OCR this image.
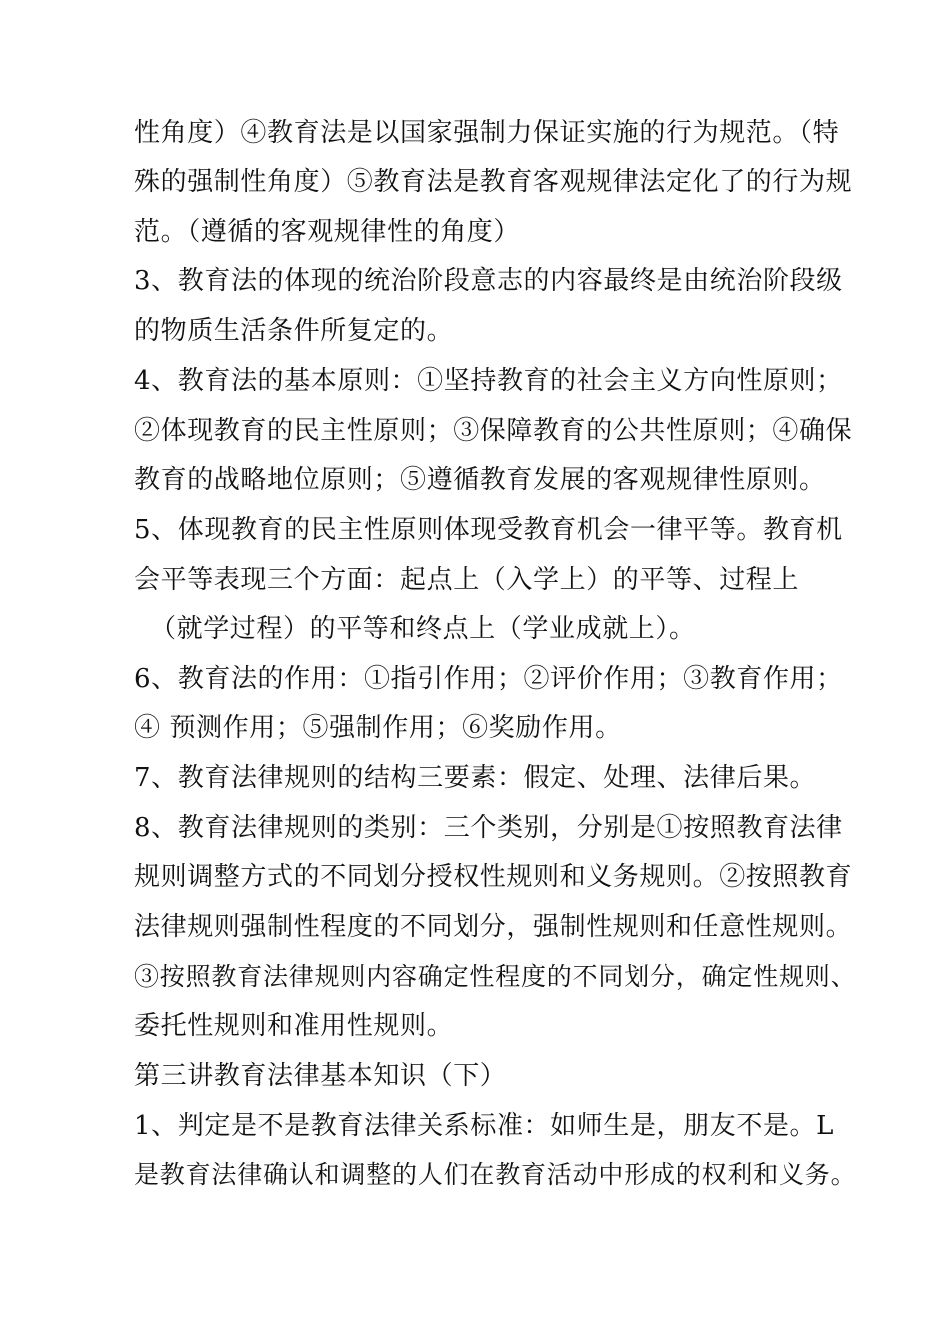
性角度）④教育法是以国家强制力保证实施的行为规范。（特
殊的强制性角度）⑤教育法是教育客观规律法定化了的行为规
范。（遵循的客观规律性的角度）
3、教育法的体现的统治阶段意志的内容最终是由统治阶段级
的物质生活条件所复定的。
4、教育法的基本原则：①坚持教育的社会主义方向性原则；
②体现教育的民主性原则；③保障教育的公共性原则；④确保
教育的战略地位原则；⑤遵循教育发展的客观规律性原则。
5、体现教育的民主性原则体现受教育机会一律平等。教育机
会平等表现三个方面：起点上（入学上）的平等、过程上
（就学过程）的平等和终点上（学业成就上）。
6、教育法的作用：①指引作用；②评价作用；③教育作用；
④ 预测作用；⑤强制作用；⑥奖励作用。
7、教育法律规则的结构三要素：假定、处理、法律后果。
8、教育法律规则的类别：三个类别，分别是①按照教育法律
规则调整方式的不同划分授权性规则和义务规则。②按照教育
法律规则强制性程度的不同划分，强制性规则和任意性规则。
③按照教育法律规则内容确定性程度的不同划分，确定性规则、
委托性规则和准用性规则。
第三讲教育法律基本知识（下）
1、判定是不是教育法律关系标准：如师生是，朋友不是。L
是教育法律确认和调整的人们在教育活动中形成的权利和义务。
